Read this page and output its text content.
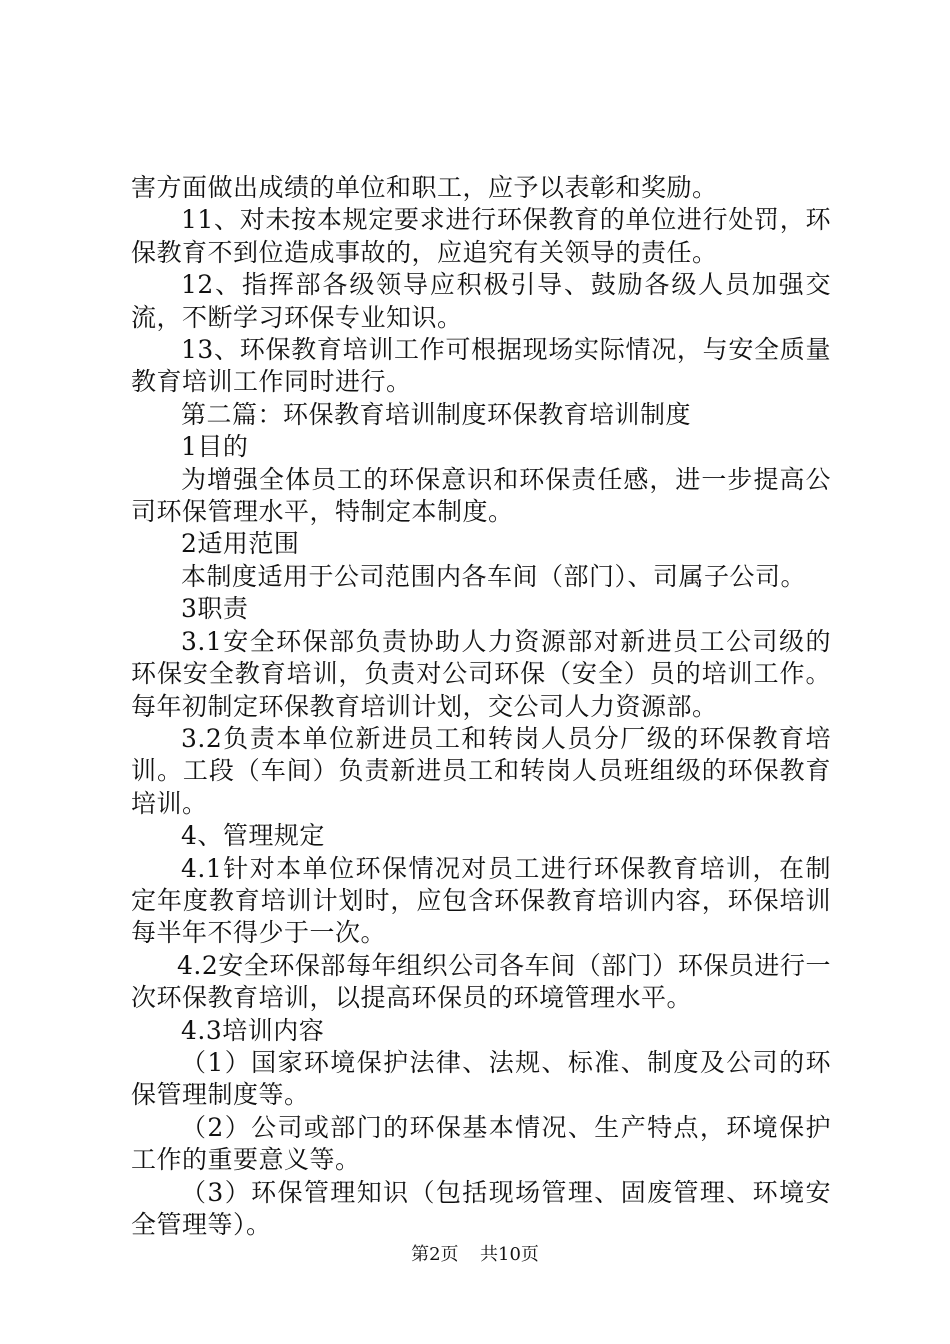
害方面做出成绩的单位和职工，应予以表彰和奖励。

11、对未按本规定要求进行环保教育的单位进行处罚，环保教育不到位造成事故的，应追究有关领导的责任。

12、指挥部各级领导应积极引导、鼓励各级人员加强交流，不断学习环保专业知识。

13、环保教育培训工作可根据现场实际情况，与安全质量教育培训工作同时进行。

第二篇：环保教育培训制度环保教育培训制度

1目的

为增强全体员工的环保意识和环保责任感，进一步提高公司环保管理水平，特制定本制度。

2适用范围

本制度适用于公司范围内各车间（部门）、司属子公司。

3职责

3.1安全环保部负责协助人力资源部对新进员工公司级的环保安全教育培训，负责对公司环保（安全）员的培训工作。每年初制定环保教育培训计划，交公司人力资源部。

3.2负责本单位新进员工和转岗人员分厂级的环保教育培训。工段（车间）负责新进员工和转岗人员班组级的环保教育培训。

4、管理规定

4.1针对本单位环保情况对员工进行环保教育培训，在制定年度教育培训计划时，应包含环保教育培训内容，环保培训每半年不得少于一次。

4.2安全环保部每年组织公司各车间（部门）环保员进行一次环保教育培训，以提高环保员的环境管理水平。

4.3培训内容

（1）国家环境保护法律、法规、标准、制度及公司的环保管理制度等。

（2）公司或部门的环保基本情况、生产特点，环境保护工作的重要意义等。

（3）环保管理知识（包括现场管理、固废管理、环境安全管理等）。

第2页 共10页
